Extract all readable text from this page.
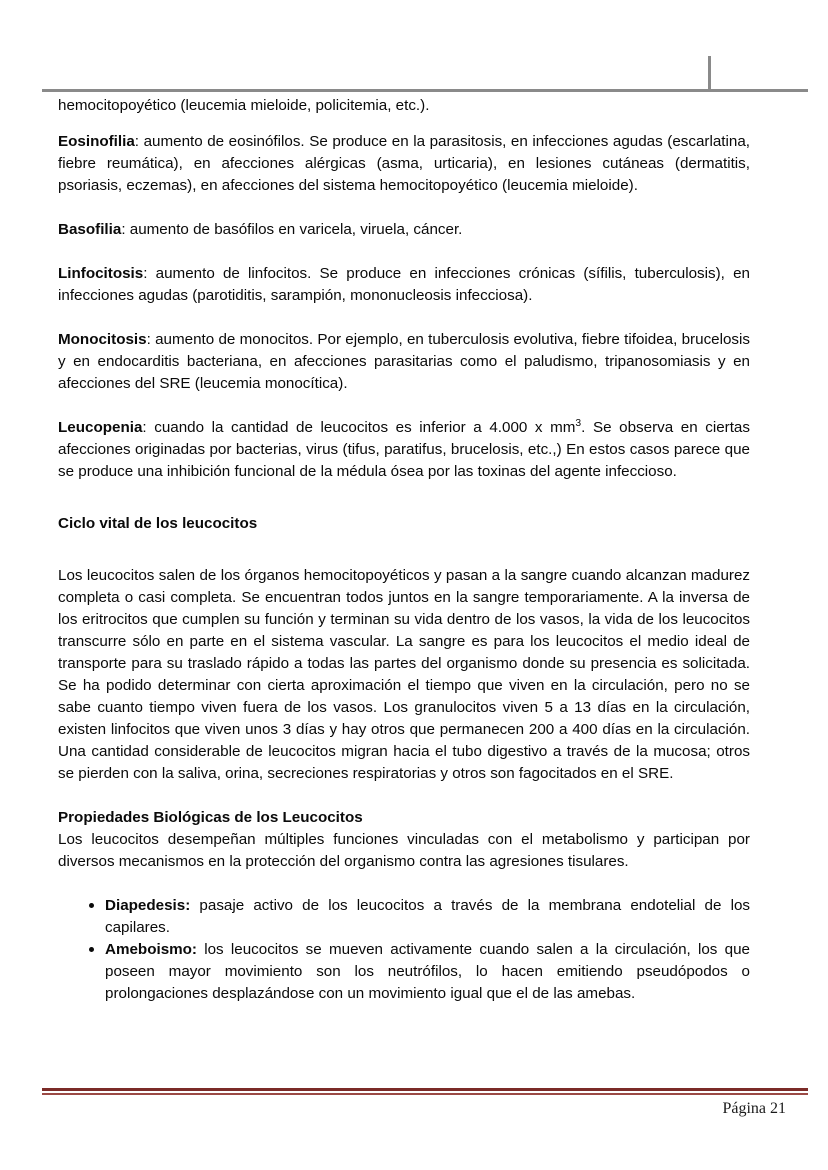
hemocitopoyético (leucemia mieloide, policitemia, etc.).

Eosinofilia: aumento de eosinófilos. Se produce en la parasitosis, en infecciones agudas (escarlatina, fiebre reumática), en afecciones alérgicas (asma, urticaria), en lesiones cutáneas (dermatitis, psoriasis, eczemas), en afecciones del sistema hemocitopoyético (leucemia mieloide).

Basofilia: aumento de basófilos en varicela, viruela, cáncer.

Linfocitosis: aumento de linfocitos. Se produce en infecciones crónicas (sífilis, tuberculosis), en infecciones agudas (parotiditis, sarampión, mononucleosis infecciosa).

Monocitosis: aumento de monocitos. Por ejemplo, en tuberculosis evolutiva, fiebre tifoidea, brucelosis y en endocarditis bacteriana, en afecciones parasitarias como el paludismo, tripanosomiasis y en afecciones del SRE (leucemia monocítica).

Leucopenia: cuando la cantidad de leucocitos es inferior a 4.000 x $mm^3$. Se observa en ciertas afecciones originadas por bacterias, virus (tifus, paratifus, brucelosis, etc.,) En estos casos parece que se produce una inhibición funcional de la médula ósea por las toxinas del agente infeccioso.

Ciclo vital de los leucocitos

Los leucocitos salen de los órganos hemocitopoyéticos y pasan a la sangre cuando alcanzan madurez completa o casi completa. Se encuentran todos juntos en la sangre temporariamente. A la inversa de los eritrocitos que cumplen su función y terminan su vida dentro de los vasos, la vida de los leucocitos transcurre sólo en parte en el sistema vascular. La sangre es para los leucocitos el medio ideal de transporte para su traslado rápido a todas las partes del organismo donde su presencia es solicitada. Se ha podido determinar con cierta aproximación el tiempo que viven en la circulación, pero no se sabe cuanto tiempo viven fuera de los vasos. Los granulocitos viven 5 a 13 días en la circulación, existen linfocitos que viven unos 3 días y hay otros que permanecen 200 a 400 días en la circulación. Una cantidad considerable de leucocitos migran hacia el tubo digestivo a través de la mucosa; otros se pierden con la saliva, orina, secreciones respiratorias y otros son fagocitados en el SRE.

Propiedades Biológicas de los Leucocitos

Los leucocitos desempeñan múltiples funciones vinculadas con el metabolismo y participan por diversos mecanismos en la protección del organismo contra las agresiones tisulares.

Diapedesis: pasaje activo de los leucocitos a través de la membrana endotelial de los capilares.
Ameboismo: los leucocitos se mueven activamente cuando salen a la circulación, los que poseen mayor movimiento son los neutrófilos, lo hacen emitiendo pseudópodos o prolongaciones desplazándose con un movimiento igual que el de las amebas.
Página 21
